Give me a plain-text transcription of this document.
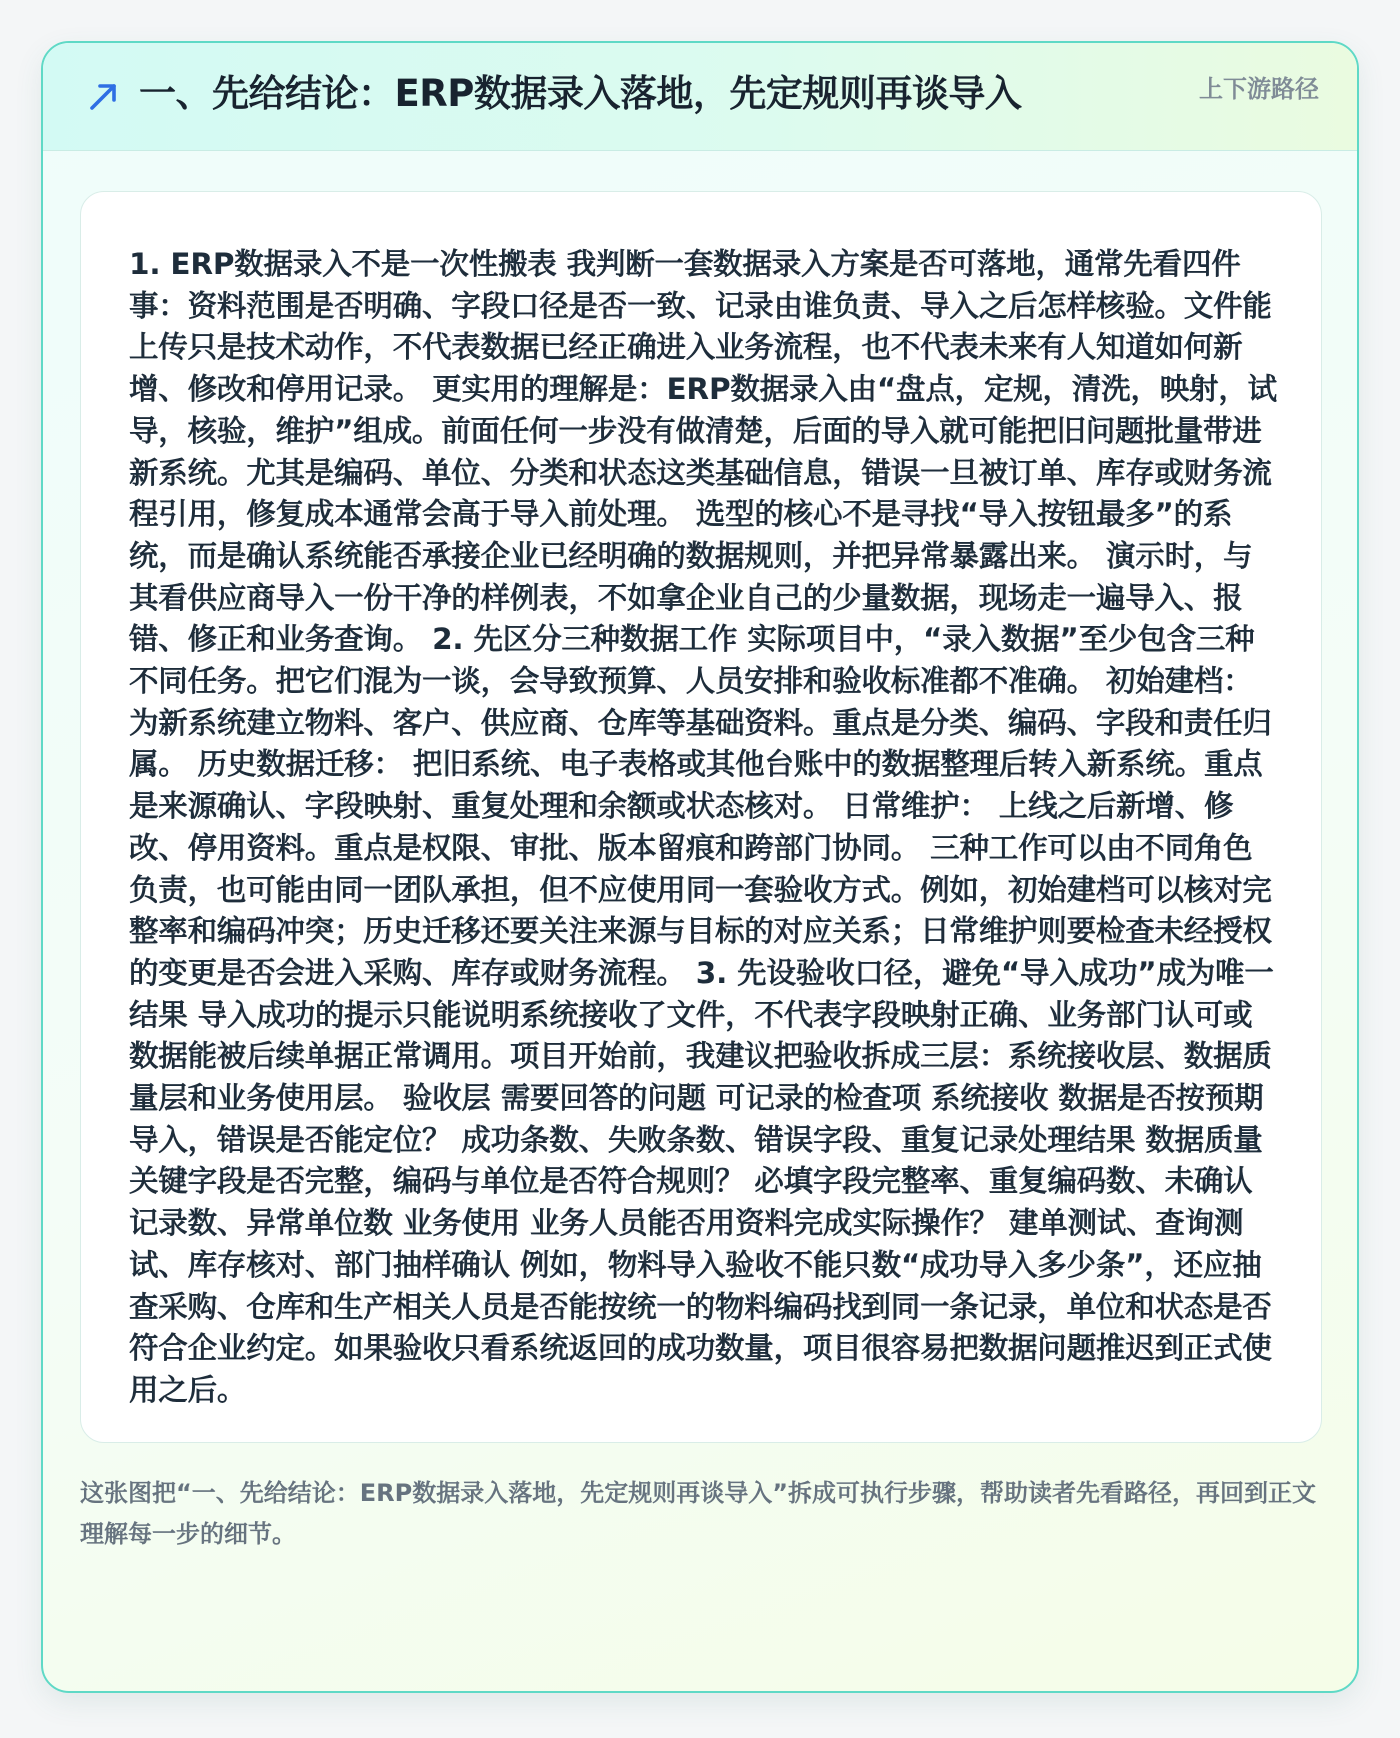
一、先给结论：ERP数据录入落地，先定规则再谈导入	上下游路径

1. ERP数据录入不是一次性搬表 我判断一套数据录入方案是否可落地，通常先看四件事：资料范围是否明确、字段口径是否一致、记录由谁负责、导入之后怎样核验。文件能上传只是技术动作，不代表数据已经正确进入业务流程，也不代表未来有人知道如何新增、修改和停用记录。 更实用的理解是：ERP数据录入由“盘点，定规，清洗，映射，试导，核验，维护”组成。前面任何一步没有做清楚，后面的导入就可能把旧问题批量带进新系统。尤其是编码、单位、分类和状态这类基础信息，错误一旦被订单、库存或财务流程引用，修复成本通常会高于导入前处理。 选型的核心不是寻找“导入按钮最多”的系统，而是确认系统能否承接企业已经明确的数据规则，并把异常暴露出来。 演示时，与其看供应商导入一份干净的样例表，不如拿企业自己的少量数据，现场走一遍导入、报错、修正和业务查询。 2. 先区分三种数据工作 实际项目中，“录入数据”至少包含三种不同任务。把它们混为一谈，会导致预算、人员安排和验收标准都不准确。 初始建档： 为新系统建立物料、客户、供应商、仓库等基础资料。重点是分类、编码、字段和责任归属。 历史数据迁移： 把旧系统、电子表格或其他台账中的数据整理后转入新系统。重点是来源确认、字段映射、重复处理和余额或状态核对。 日常维护： 上线之后新增、修改、停用资料。重点是权限、审批、版本留痕和跨部门协同。 三种工作可以由不同角色负责，也可能由同一团队承担，但不应使用同一套验收方式。例如，初始建档可以核对完整率和编码冲突；历史迁移还要关注来源与目标的对应关系；日常维护则要检查未经授权的变更是否会进入采购、库存或财务流程。 3. 先设验收口径，避免“导入成功”成为唯一结果 导入成功的提示只能说明系统接收了文件，不代表字段映射正确、业务部门认可或数据能被后续单据正常调用。项目开始前，我建议把验收拆成三层：系统接收层、数据质量层和业务使用层。 验收层 需要回答的问题 可记录的检查项 系统接收 数据是否按预期导入，错误是否能定位？ 成功条数、失败条数、错误字段、重复记录处理结果 数据质量 关键字段是否完整，编码与单位是否符合规则？ 必填字段完整率、重复编码数、未确认记录数、异常单位数 业务使用 业务人员能否用资料完成实际操作？ 建单测试、查询测试、库存核对、部门抽样确认 例如，物料导入验收不能只数“成功导入多少条”，还应抽查采购、仓库和生产相关人员是否能按统一的物料编码找到同一条记录，单位和状态是否符合企业约定。如果验收只看系统返回的成功数量，项目很容易把数据问题推迟到正式使用之后。

这张图把“一、先给结论：ERP数据录入落地，先定规则再谈导入”拆成可执行步骤，帮助读者先看路径，再回到正文理解每一步的细节。
